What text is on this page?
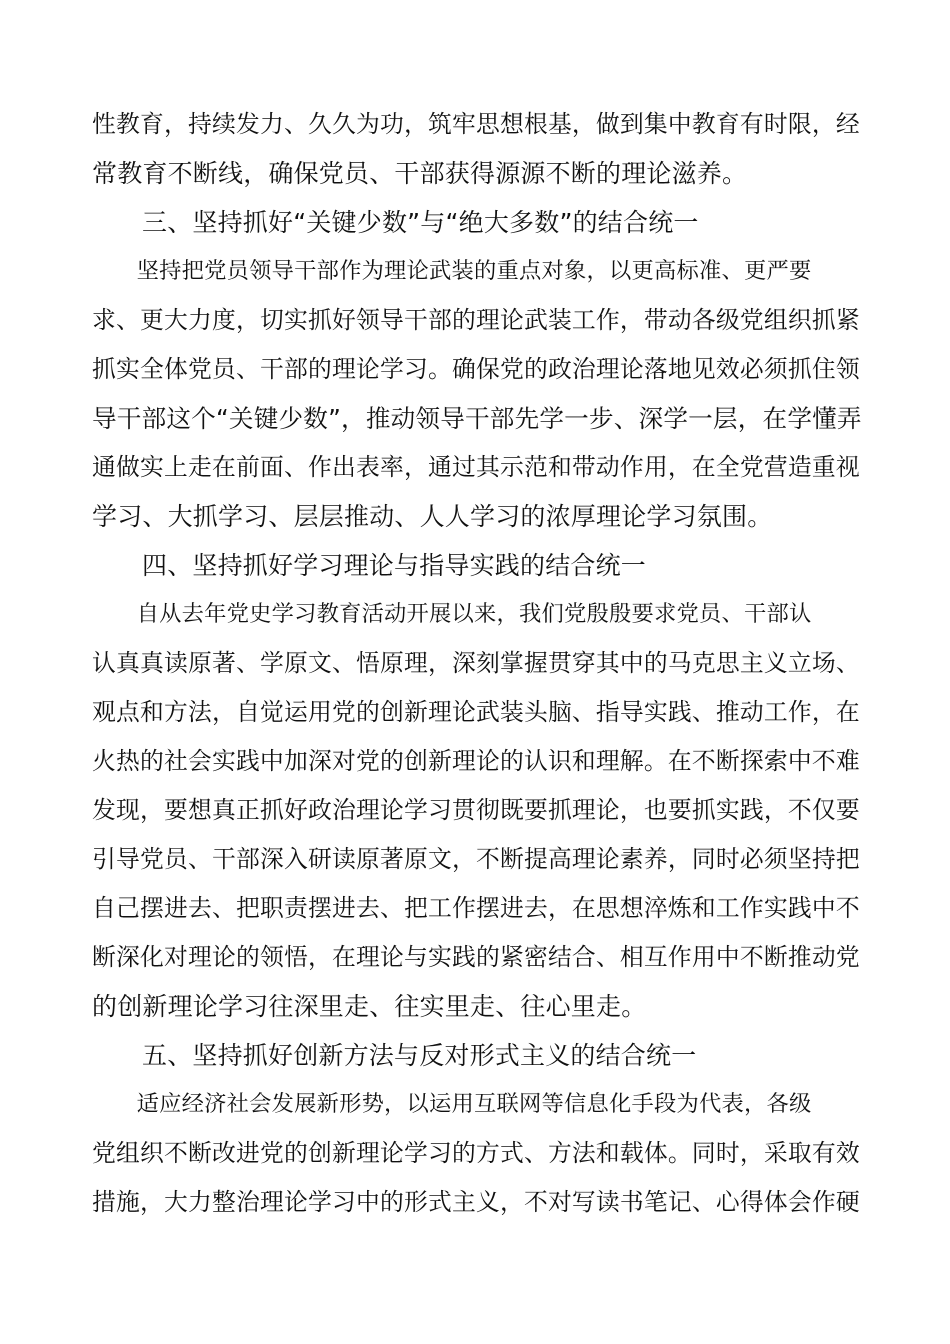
性教育，持续发力、久久为功，筑牢思想根基，做到集中教育有时限，经
常教育不断线，确保党员、干部获得源源不断的理论滋养。
三、坚持抓好“关键少数”与“绝大多数”的结合统一
坚持把党员领导干部作为理论武装的重点对象，以更高标准、更严要
求、更大力度，切实抓好领导干部的理论武装工作，带动各级党组织抓紧
抓实全体党员、干部的理论学习。确保党的政治理论落地见效必须抓住领
导干部这个“关键少数”，推动领导干部先学一步、深学一层，在学懂弄
通做实上走在前面、作出表率，通过其示范和带动作用，在全党营造重视
学习、大抓学习、层层推动、人人学习的浓厚理论学习氛围。
四、坚持抓好学习理论与指导实践的结合统一
自从去年党史学习教育活动开展以来，我们党殷殷要求党员、干部认
认真真读原著、学原文、悟原理，深刻掌握贯穿其中的马克思主义立场、
观点和方法，自觉运用党的创新理论武装头脑、指导实践、推动工作，在
火热的社会实践中加深对党的创新理论的认识和理解。在不断探索中不难
发现，要想真正抓好政治理论学习贯彻既要抓理论，也要抓实践，不仅要
引导党员、干部深入研读原著原文，不断提高理论素养，同时必须坚持把
自己摆进去、把职责摆进去、把工作摆进去，在思想淬炼和工作实践中不
断深化对理论的领悟，在理论与实践的紧密结合、相互作用中不断推动党
的创新理论学习往深里走、往实里走、往心里走。
五、坚持抓好创新方法与反对形式主义的结合统一
适应经济社会发展新形势，以运用互联网等信息化手段为代表，各级
党组织不断改进党的创新理论学习的方式、方法和载体。同时，采取有效
措施，大力整治理论学习中的形式主义，不对写读书笔记、心得体会作硬
